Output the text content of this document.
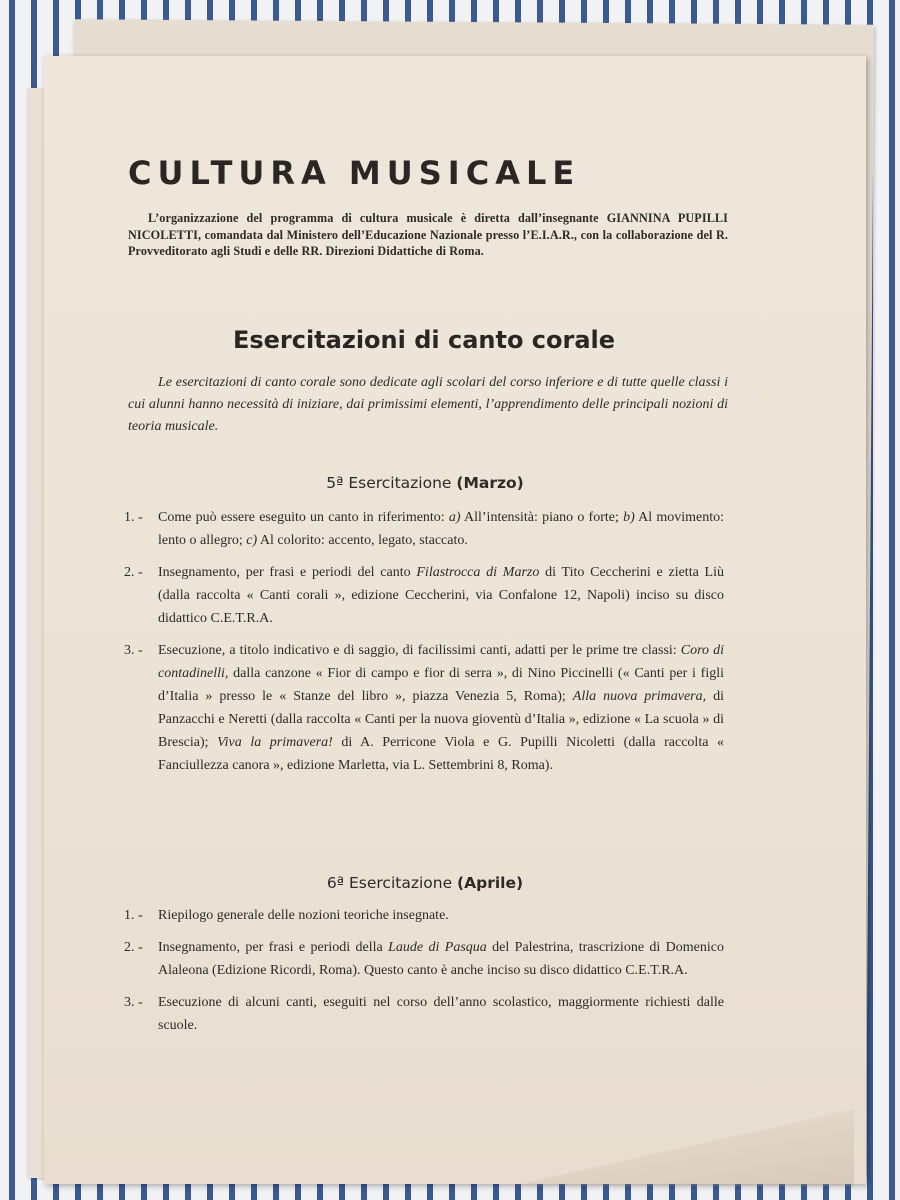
CULTURA MUSICALE

L’organizzazione del programma di cultura musicale è diretta dall’insegnante GIANNINA PUPILLI NICOLETTI, comandata dal Ministero dell’Educazione Nazionale presso l’E.I.A.R., con la collaborazione del R. Provveditorato agli Studi e delle RR. Direzioni Didattiche di Roma.

Esercitazioni di canto corale

Le esercitazioni di canto corale sono dedicate agli scolari del corso inferiore e di tutte quelle classi i cui alunni hanno necessità di iniziare, dai primissimi elementi, l’apprendimento delle principali nozioni di teoria musicale.

5ª Esercitazione (Marzo)
1. -	Come può essere eseguito un canto in riferimento: a) All’intensità: piano o forte; b) Al movimento: lento o allegro; c) Al colorito: accento, legato, staccato.
2. -	Insegnamento, per frasi e periodi del canto Filastrocca di Marzo di Tito Ceccherini e zietta Liù (dalla raccolta « Canti corali », edizione Ceccherini, via Confalone 12, Napoli) inciso su disco didattico C.E.T.R.A.
3. -	Esecuzione, a titolo indicativo e di saggio, di facilissimi canti, adatti per le prime tre classi: Coro di contadinelli, dalla canzone « Fior di campo e fior di serra », di Nino Piccinelli (« Canti per i figli d’Italia » presso le « Stanze del libro », piazza Venezia 5, Roma); Alla nuova primavera, di Panzacchi e Neretti (dalla raccolta « Canti per la nuova gioventù d’Italia », edizione « La scuola » di Brescia); Viva la primavera! di A. Perricone Viola e G. Pupilli Nicoletti (dalla raccolta « Fanciullezza canora », edizione Marletta, via L. Settembrini 8, Roma).
6ª Esercitazione (Aprile)
1. -	Riepilogo generale delle nozioni teoriche insegnate.
2. -	Insegnamento, per frasi e periodi della Laude di Pasqua del Palestrina, trascrizione di Domenico Alaleona (Edizione Ricordi, Roma). Questo canto è anche inciso su disco didattico C.E.T.R.A.
3. -	Esecuzione di alcuni canti, eseguiti nel corso dell’anno scolastico, maggiormente richiesti dalle scuole.
